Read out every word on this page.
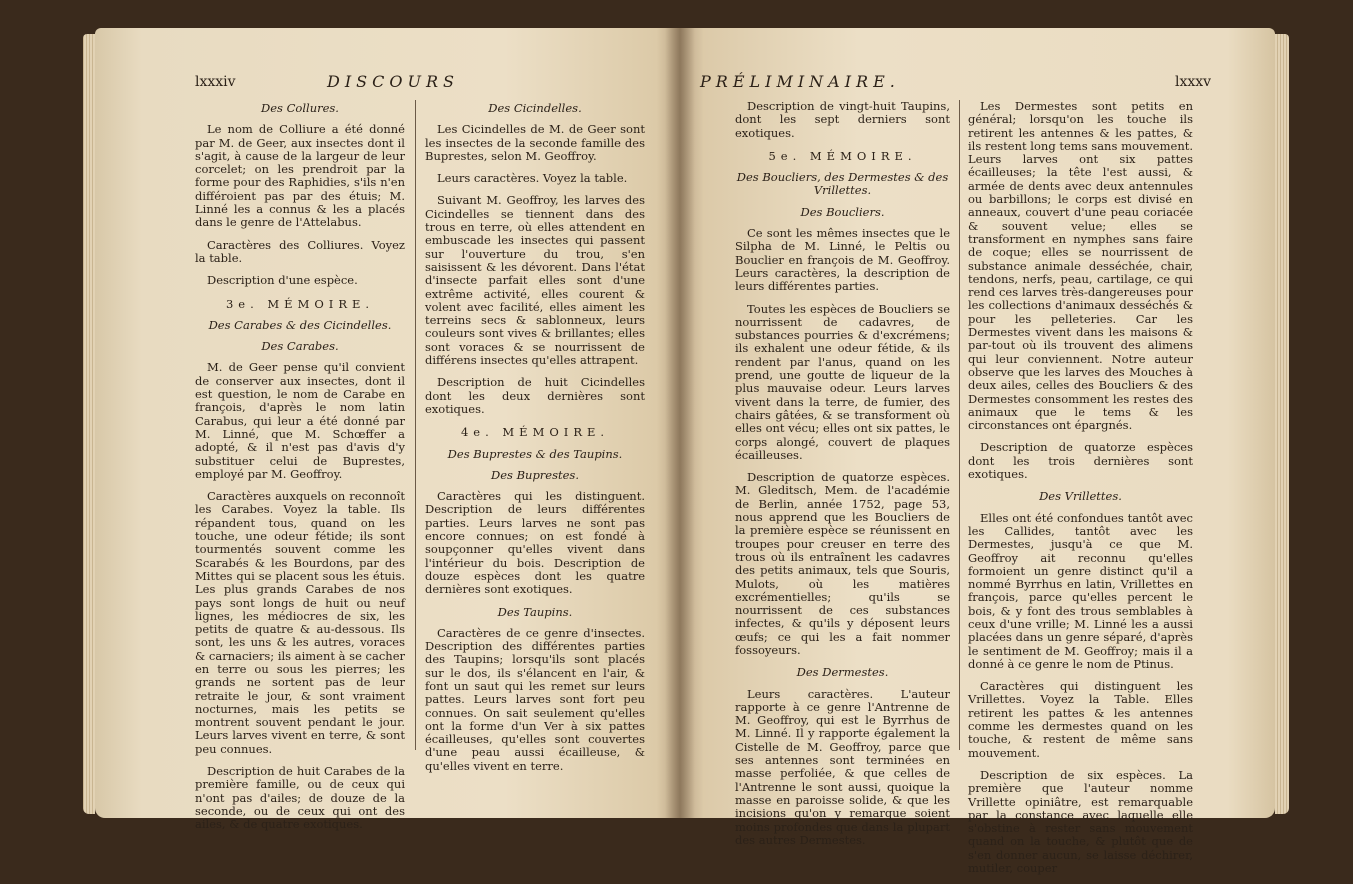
lxxxiv	DISCOURS

Des Collures.

Le nom de Colliure a été donné par M. de Geer, aux insectes dont il s'agit, à cause de la largeur de leur corcelet; on les prendroit par la forme pour des Raphidies, s'ils n'en différoient pas par des étuis; M. Linné les a connus & les a placés dans le genre de l'Attelabus.

Caractères des Colliures. Voyez la table.

Description d'une espèce.

3e. MÉMOIRE.

Des Carabes & des Cicindelles.

Des Carabes.

M. de Geer pense qu'il convient de conserver aux insectes, dont il est question, le nom de Carabe en françois, d'après le nom latin Carabus, qui leur a été donné par M. Linné, que M. Schœffer a adopté, & il n'est pas d'avis d'y substituer celui de Buprestes, employé par M. Geoffroy.

Caractères auxquels on reconnoît les Carabes. Voyez la table. Ils répandent tous, quand on les touche, une odeur fétide; ils sont tourmentés souvent comme les Scarabés & les Bourdons, par des Mittes qui se placent sous les étuis. Les plus grands Carabes de nos pays sont longs de huit ou neuf lignes, les médiocres de six, les petits de quatre & au-dessous. Ils sont, les uns & les autres, voraces & carnaciers; ils aiment à se cacher en terre ou sous les pierres; les grands ne sortent pas de leur retraite le jour, & sont vraiment nocturnes, mais les petits se montrent souvent pendant le jour. Leurs larves vivent en terre, & sont peu connues.

Description de huit Carabes de la première famille, ou de ceux qui n'ont pas d'ailes; de douze de la seconde, ou de ceux qui ont des ailes, & de quatre exotiques.

Des Cicindelles.

Les Cicindelles de M. de Geer sont les insectes de la seconde famille des Buprestes, selon M. Geoffroy.

Leurs caractères. Voyez la table.

Suivant M. Geoffroy, les larves des Cicindelles se tiennent dans des trous en terre, où elles attendent en embuscade les insectes qui passent sur l'ouverture du trou, s'en saisissent & les dévorent. Dans l'état d'insecte parfait elles sont d'une extrême activité, elles courent & volent avec facilité, elles aiment les terreins secs & sablonneux, leurs couleurs sont vives & brillantes; elles sont voraces & se nourrissent de différens insectes qu'elles attrapent.

Description de huit Cicindelles dont les deux dernières sont exotiques.

4e. MÉMOIRE.

Des Buprestes & des Taupins.

Des Buprestes.

Caractères qui les distinguent. Description de leurs différentes parties. Leurs larves ne sont pas encore connues; on est fondé à soupçonner qu'elles vivent dans l'intérieur du bois. Description de douze espèces dont les quatre dernières sont exotiques.

Des Taupins.

Caractères de ce genre d'insectes. Description des différentes parties des Taupins; lorsqu'ils sont placés sur le dos, ils s'élancent en l'air, & font un saut qui les remet sur leurs pattes. Leurs larves sont fort peu connues. On sait seulement qu'elles ont la forme d'un Ver à six pattes écailleuses, qu'elles sont couvertes d'une peau aussi écailleuse, & qu'elles vivent en terre.

PRÉLIMINAIRE.	lxxxv

Description de vingt-huit Taupins, dont les sept derniers sont exotiques.

5e. MÉMOIRE.

Des Boucliers, des Dermestes & des Vrillettes.

Des Boucliers.

Ce sont les mêmes insectes que le Silpha de M. Linné, le Peltis ou Bouclier en françois de M. Geoffroy. Leurs caractères, la description de leurs différentes parties.

Toutes les espèces de Boucliers se nourrissent de cadavres, de substances pourries & d'excrémens; ils exhalent une odeur fétide, & ils rendent par l'anus, quand on les prend, une goutte de liqueur de la plus mauvaise odeur. Leurs larves vivent dans la terre, de fumier, des chairs gâtées, & se transforment où elles ont vécu; elles ont six pattes, le corps alongé, couvert de plaques écailleuses.

Description de quatorze espèces. M. Gleditsch, Mem. de l'académie de Berlin, année 1752, page 53, nous apprend que les Boucliers de la première espèce se réunissent en troupes pour creuser en terre des trous où ils entraînent les cadavres des petits animaux, tels que Souris, Mulots, où les matières excrémentielles; qu'ils se nourrissent de ces substances infectes, & qu'ils y déposent leurs œufs; ce qui les a fait nommer fossoyeurs.

Des Dermestes.

Leurs caractères. L'auteur rapporte à ce genre l'Antrenne de M. Geoffroy, qui est le Byrrhus de M. Linné. Il y rapporte également la Cistelle de M. Geoffroy, parce que ses antennes sont terminées en masse perfoliée, & que celles de l'Antrenne le sont aussi, quoique la masse en paroisse solide, & que les incisions qu'on y remarque soient moins profondes que dans la plupart des autres Dermestes.

Les Dermestes sont petits en général; lorsqu'on les touche ils retirent les antennes & les pattes, & ils restent long tems sans mouvement. Leurs larves ont six pattes écailleuses; la tête l'est aussi, & armée de dents avec deux antennules ou barbillons; le corps est divisé en anneaux, couvert d'une peau coriacée & souvent velue; elles se transforment en nymphes sans faire de coque; elles se nourrissent de substance animale desséchée, chair, tendons, nerfs, peau, cartilage, ce qui rend ces larves très-dangereuses pour les collections d'animaux desséchés & pour les pelleteries. Car les Dermestes vivent dans les maisons & par-tout où ils trouvent des alimens qui leur conviennent. Notre auteur observe que les larves des Mouches à deux ailes, celles des Boucliers & des Dermestes consomment les restes des animaux que le tems & les circonstances ont épargnés.

Description de quatorze espèces dont les trois dernières sont exotiques.

Des Vrillettes.

Elles ont été confondues tantôt avec les Callides, tantôt avec les Dermestes, jusqu'à ce que M. Geoffroy ait reconnu qu'elles formoient un genre distinct qu'il a nommé Byrrhus en latin, Vrillettes en françois, parce qu'elles percent le bois, & y font des trous semblables à ceux d'une vrille; M. Linné les a aussi placées dans un genre séparé, d'après le sentiment de M. Geoffroy; mais il a donné à ce genre le nom de Ptinus.

Caractères qui distinguent les Vrillettes. Voyez la Table. Elles retirent les pattes & les antennes comme les dermestes quand on les touche, & restent de même sans mouvement.

Description de six espèces. La première que l'auteur nomme Vrillette opiniâtre, est remarquable par la constance avec laquelle elle s'obstine à rester sans mouvement quand on la touche, & plutôt que de s'en donner aucun, se laisse déchirer, mutiler, couper
